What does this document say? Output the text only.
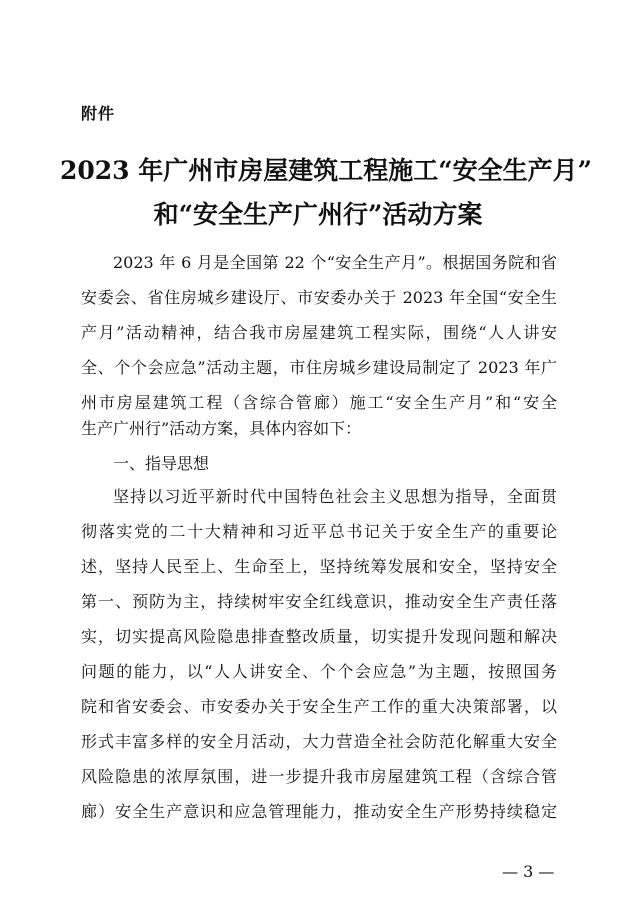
附件
2023 年广州市房屋建筑工程施工“安全生产月”
和“安全生产广州行”活动方案
2023 年 6 月是全国第 22 个“安全生产月”。根据国务院和省
安委会、省住房城乡建设厅、市安委办关于 2023 年全国“安全生
产月”活动精神，结合我市房屋建筑工程实际，围绕“人人讲安
全、个个会应急”活动主题，市住房城乡建设局制定了 2023 年广
州市房屋建筑工程（含综合管廊）施工“安全生产月”和“安全
生产广州行”活动方案，具体内容如下：
一、指导思想
坚持以习近平新时代中国特色社会主义思想为指导，全面贯
彻落实党的二十大精神和习近平总书记关于安全生产的重要论
述，坚持人民至上、生命至上，坚持统筹发展和安全，坚持安全
第一、预防为主，持续树牢安全红线意识，推动安全生产责任落
实，切实提高风险隐患排查整改质量，切实提升发现问题和解决
问题的能力，以“人人讲安全、个个会应急”为主题，按照国务
院和省安委会、市安委办关于安全生产工作的重大决策部署，以
形式丰富多样的安全月活动，大力营造全社会防范化解重大安全
风险隐患的浓厚氛围，进一步提升我市房屋建筑工程（含综合管
廊）安全生产意识和应急管理能力，推动安全生产形势持续稳定
— 3 —
